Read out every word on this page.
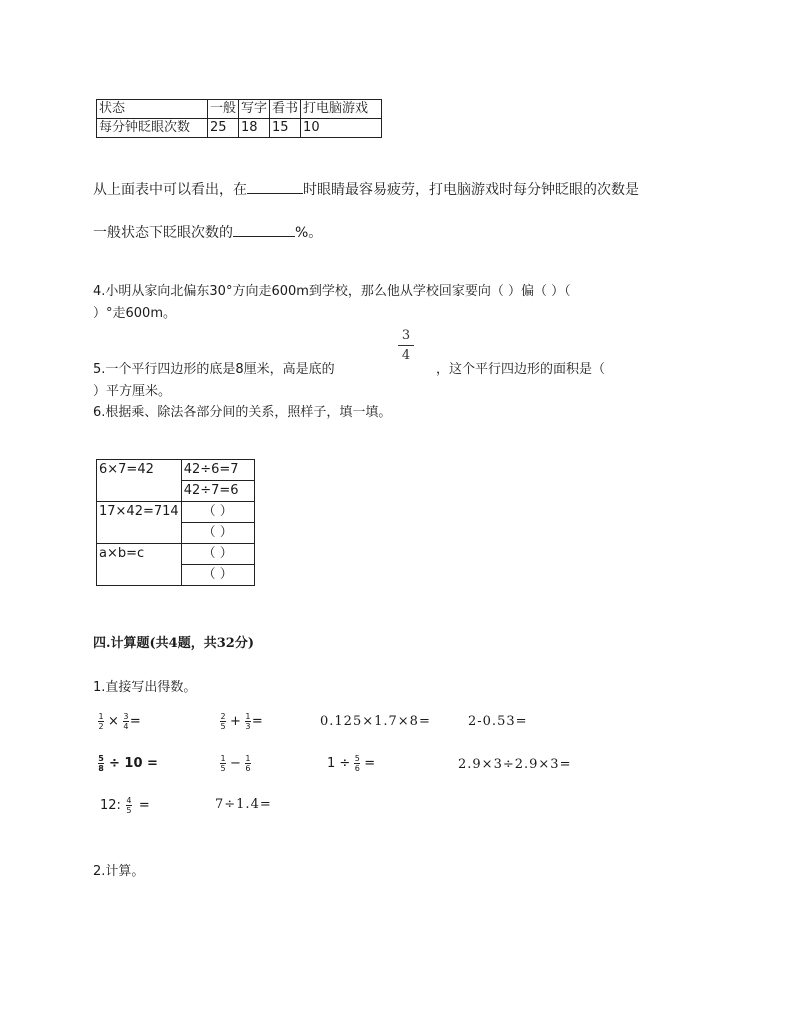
状态	一般	写字	看书	打电脑游戏
每分钟眨眼次数	25	18	15	10
从上面表中可以看出，在	时眼睛最容易疲劳，打电脑游戏时每分钟眨眼的次数是
一般状态下眨眼次数的	%。
4.小明从家向北偏东30°方向走600m到学校，那么他从学校回家要向（ ）偏（ ）（
）°走600m。
3
4
5.一个平行四边形的底是8厘米，高是底的	，这个平行四边形的面积是（
）平方厘米。
6.根据乘、除法各部分间的关系，照样子，填一填。
6×7=42	42÷6=7
	42÷7=6
17×42=714	（ ）
	（ ）
a×b=c	（ ）
	（ ）
四.计算题(共4题，共32分)
1.直接写出得数。
$\frac{1}{2} \times \frac{3}{4}$ =	$\frac{2}{5} + \frac{1}{3}$ =	0.125×1.7×8=	2-0.53=
$\frac{5}{8} \div 10$ =	$\frac{1}{5} - \frac{1}{6}$	$1 \div \frac{5}{6}$ =	2.9×3÷2.9×3=
12: $\frac{4}{5}$ =	7÷1.4=
2.计算。
